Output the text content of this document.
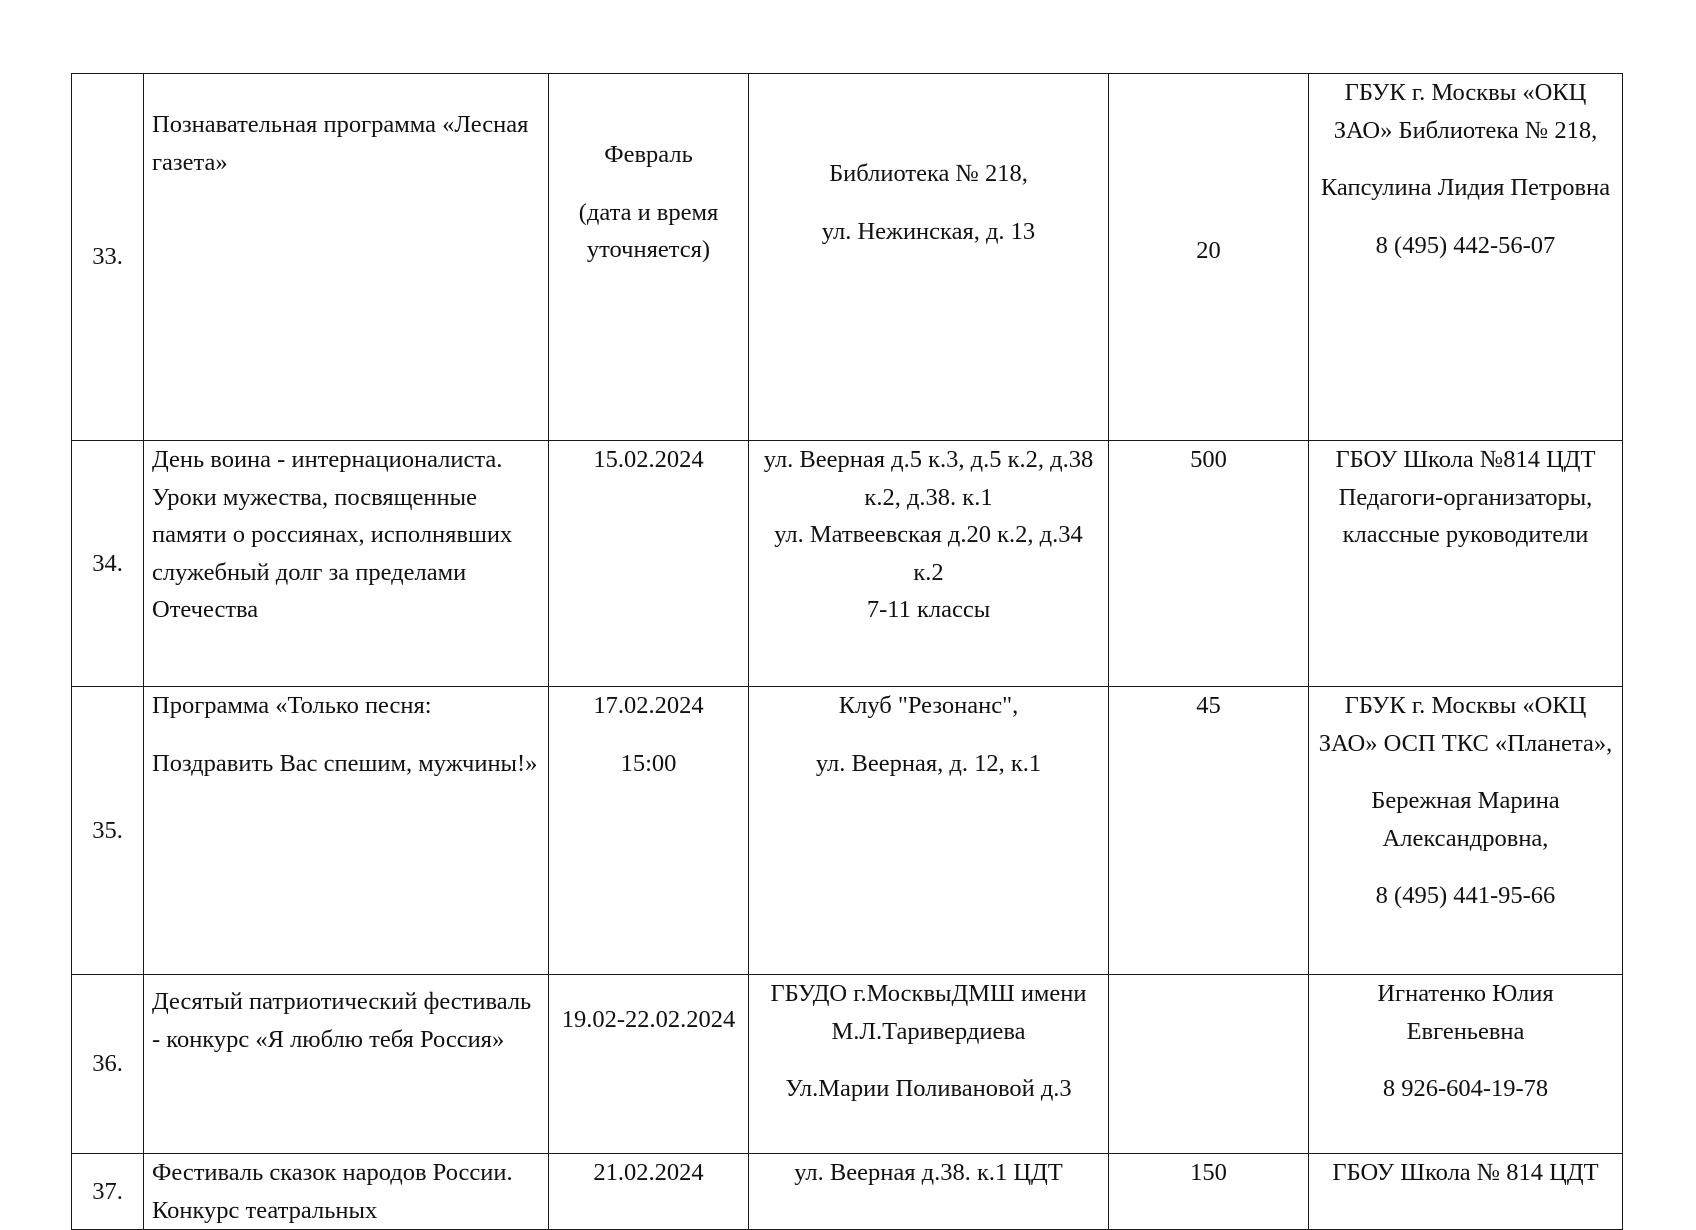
33.	Познавательная программа «Лесная газета»	Февраль
(дата и время уточняется)	Библиотека № 218,
ул. Нежинская, д. 13	20	ГБУК г. Москвы «ОКЦ ЗАО» Библиотека № 218,
Капсулина Лидия Петровна
8 (495) 442-56-07

34.	День воина - интернационалиста. Уроки мужества, посвященные памяти о россиянах, исполнявших служебный долг за пределами Отечества	15.02.2024	ул. Веерная д.5 к.3, д.5 к.2, д.38 к.2, д.38. к.1
ул. Матвеевская д.20 к.2, д.34 к.2
7-11 классы	500	ГБОУ Школа №814 ЦДТ
Педагоги-организаторы, классные руководители

35.	Программа «Только песня:
Поздравить Вас спешим, мужчины!»	17.02.2024
15:00	Клуб "Резонанс",
ул. Веерная, д. 12, к.1	45	ГБУК г. Москвы «ОКЦ ЗАО» ОСП ТКС «Планета»,
Бережная Марина Александровна,
8 (495) 441-95-66

36.	Десятый патриотический фестиваль - конкурс «Я люблю тебя Россия»	19.02-22.02.2024	ГБУДО г.МосквыДМШ имени М.Л.Таривердиева
Ул.Марии Поливановой д.3		Игнатенко Юлия Евгеньевна
8 926-604-19-78

37.	Фестиваль сказок народов России. Конкурс театральных	21.02.2024	ул. Веерная д.38. к.1 ЦДТ	150	ГБОУ Школа № 814 ЦДТ
